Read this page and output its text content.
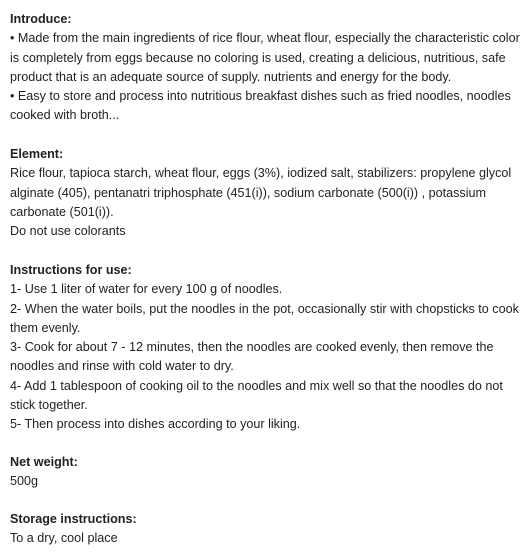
Introduce:
• Made from the main ingredients of rice flour, wheat flour, especially the characteristic color is completely from eggs because no coloring is used, creating a delicious, nutritious, safe product that is an adequate source of supply. nutrients and energy for the body.
• Easy to store and process into nutritious breakfast dishes such as fried noodles, noodles cooked with broth...
Element:
Rice flour, tapioca starch, wheat flour, eggs (3%), iodized salt, stabilizers: propylene glycol alginate (405), pentanatri triphosphate (451(i)), sodium carbonate (500(i)) , potassium carbonate (501(i)).
Do not use colorants
Instructions for use:
1- Use 1 liter of water for every 100 g of noodles.
2- When the water boils, put the noodles in the pot, occasionally stir with chopsticks to cook them evenly.
3- Cook for about 7 - 12 minutes, then the noodles are cooked evenly, then remove the noodles and rinse with cold water to dry.
4- Add 1 tablespoon of cooking oil to the noodles and mix well so that the noodles do not stick together.
5- Then process into dishes according to your liking.
Net weight:
500g
Storage instructions:
To a dry, cool place
